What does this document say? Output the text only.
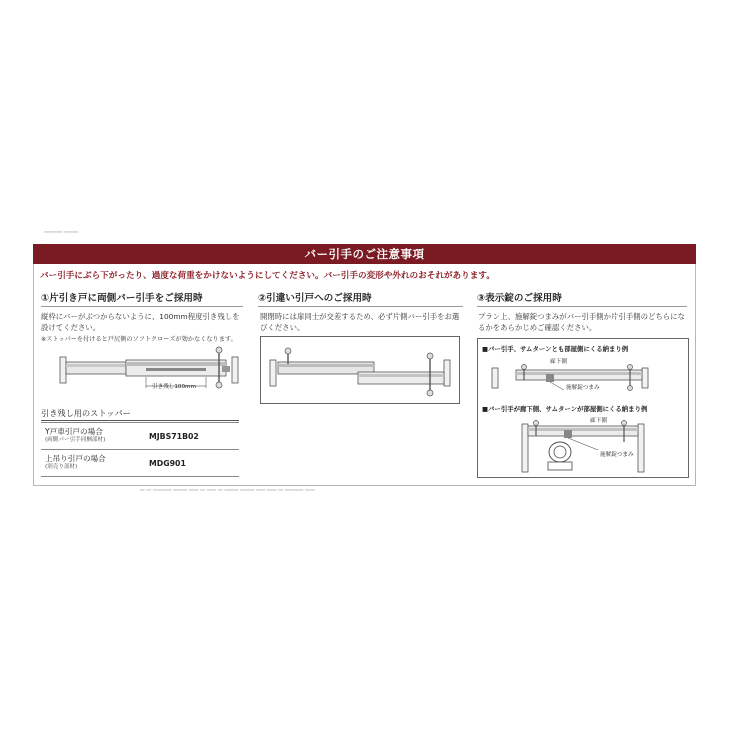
▔▔▔▔ ▔▔▔
バー引手のご注意事項
バー引手にぶら下がったり、過度な荷重をかけないようにしてください。バー引手の変形や外れのおそれがあります。
①片引き戸に両側バー引手をご採用時
縦枠にバーがぶつからないように、100mm程度引き残しを設けてください。
※ストッパーを付けると戸尻側のソフトクローズが効かなくなります。
引き残し100mm
引き残し用のストッパー
Y戸車引戸の場合
(両側バー引手同梱部材)	MJBS71B02
上吊り引戸の場合
(別売り部材)	MDG901
②引違い引戸へのご採用時
開閉時には扉同士が交差するため、必ず片側バー引手をお選びください。
③表示錠のご採用時
プラン上、施解錠つまみがバー引手側か片引手側のどちらになるかをあらかじめご確認ください。
■バー引手、サムターンとも部屋側にくる納まり例
廊下側
施解錠つまみ
■バー引手が廊下側、サムターンが部屋側にくる納まり例
廊下側
施解錠つまみ
▔ ▔ ▔▔▔▔ ▔▔▔ ▔▔ ▔ ▔▔ ▔ ▔▔▔ ▔▔▔ ▔▔ ▔▔ ▔ ▔▔▔▔ ▔▔
